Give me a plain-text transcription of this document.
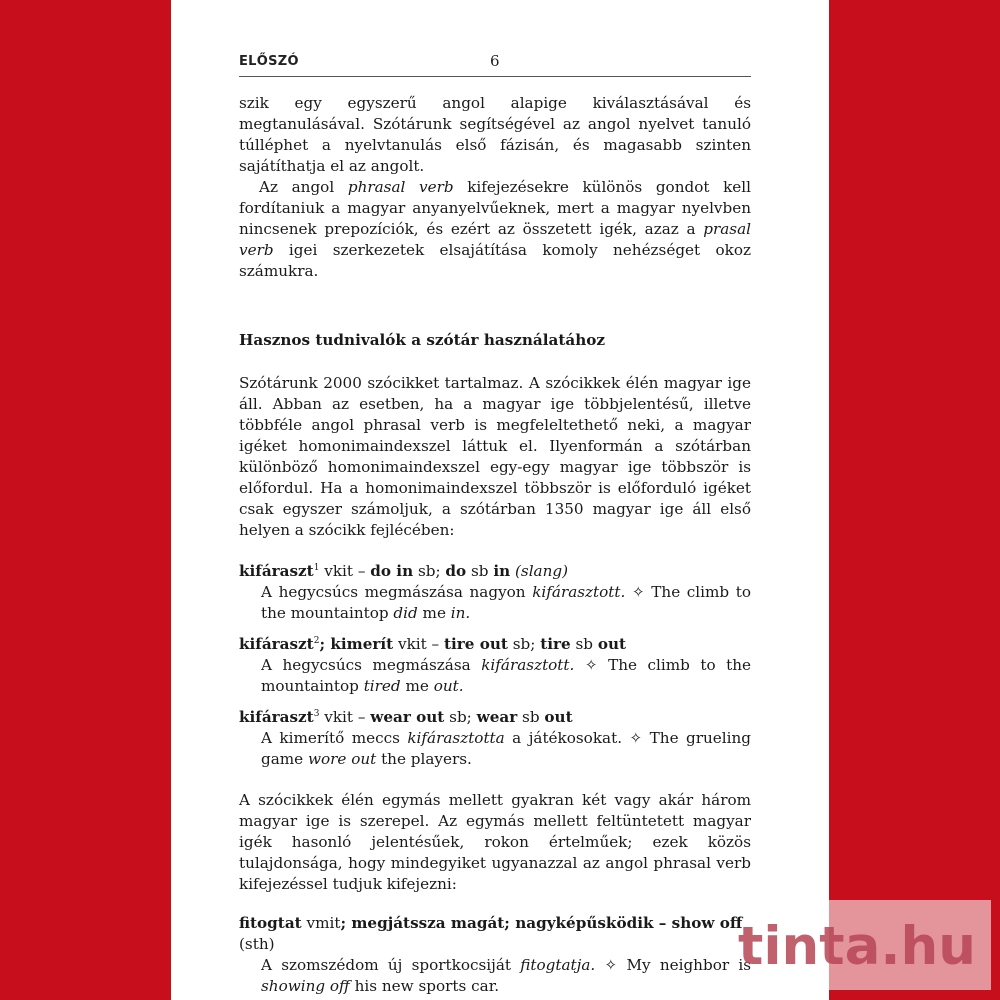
ELŐSZÓ	6

szik egy egyszerű angol alapige kiválasztásával és megtanulásával. Szótárunk segítségével az angol nyelvet tanuló túlléphet a nyelvtanulás első fázisán, és magasabb szinten sajátíthatja el az angolt.

Az angol phrasal verb kifejezésekre különös gondot kell fordítaniuk a magyar anyanyelvűeknek, mert a magyar nyelvben nincsenek prepozíciók, és ezért az összetett igék, azaz a prasal verb igei szerkezetek elsajátítása komoly nehézséget okoz számukra.

Hasznos tudnivalók a szótár használatához

Szótárunk 2000 szócikket tartalmaz. A szócikkek élén magyar ige áll. Abban az esetben, ha a magyar ige többjelentésű, illetve többféle angol phrasal verb is megfeleltethető neki, a magyar igéket homonimaindexszel láttuk el. Ilyenformán a szótárban különböző homonimaindexszel egy-egy magyar ige többször is előfordul. Ha a homonimaindexszel többször is előforduló igéket csak egyszer számoljuk, a szótárban 1350 magyar ige áll első helyen a szócikk fejlécében:

kifáraszt$^1$ vkit – do in sb; do sb in (slang)

A hegycsúcs megmászása nagyon kifárasztott. ✧ The climb to the mountaintop did me in.

kifáraszt$^2$; kimerít vkit – tire out sb; tire sb out

A hegycsúcs megmászása kifárasztott. ✧ The climb to the mountaintop tired me out.

kifáraszt$^3$ vkit – wear out sb; wear sb out

A kimerítő meccs kifárasztotta a játékosokat. ✧ The grueling game wore out the players.

A szócikkek élén egymás mellett gyakran két vagy akár három magyar ige is szerepel. Az egymás mellett feltüntetett magyar igék hasonló jelentésűek, rokon értelműek; ezek közös tulajdonsága, hogy mindegyiket ugyanazzal az angol phrasal verb kifejezéssel tudjuk kifejezni:

fitogtat vmit; megjátssza magát; nagyképűsködik – show off (sth)

A szomszédom új sportkocsiját fitogtatja. ✧ My neighbor is showing off his new sports car.

tinta.hu
